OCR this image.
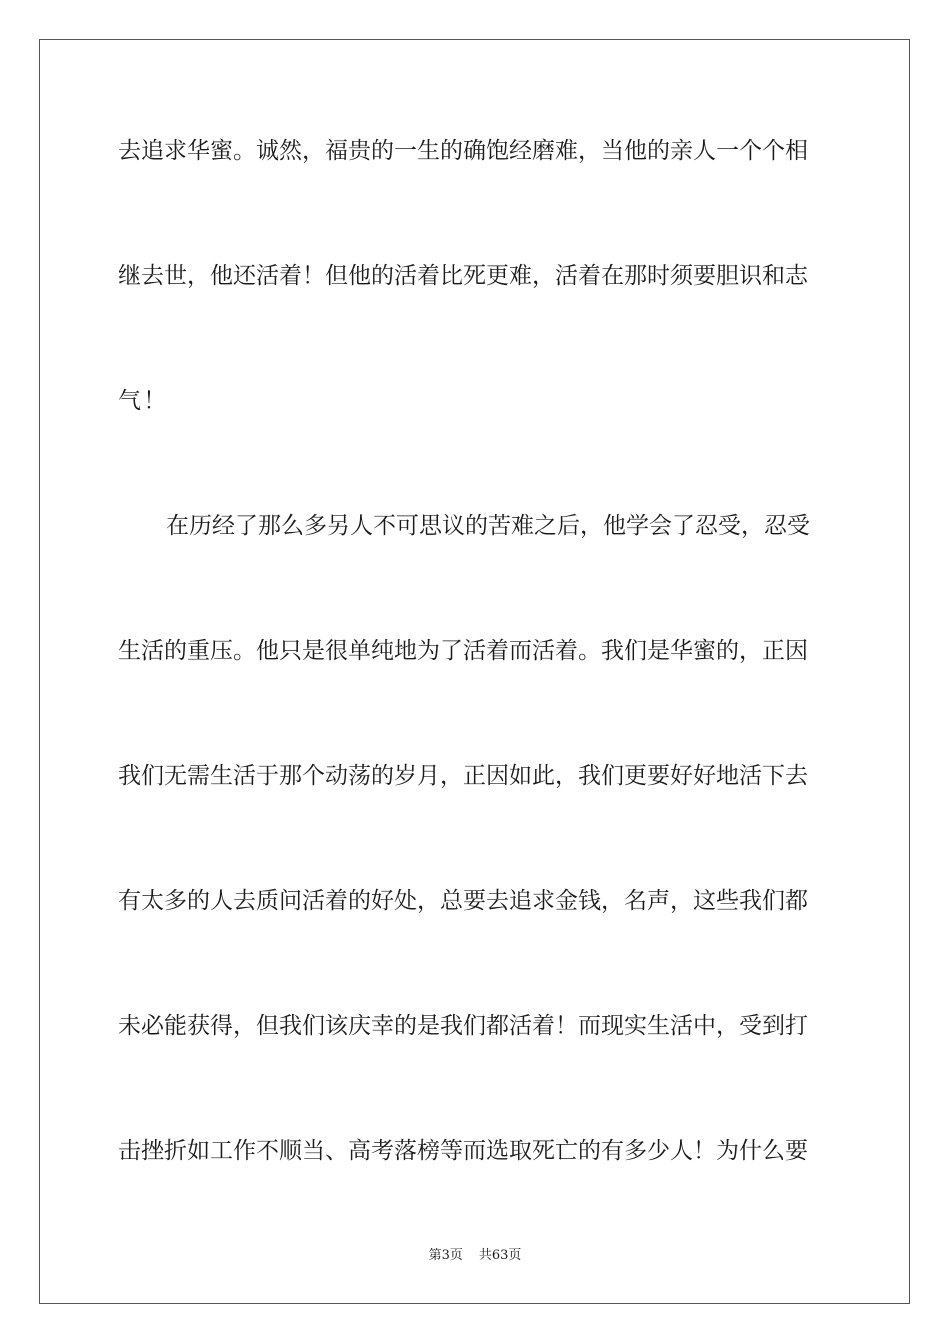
去追求华蜜。诚然，福贵的一生的确饱经磨难，当他的亲人一个个相
继去世，他还活着！但他的活着比死更难，活着在那时须要胆识和志
气！
在历经了那么多另人不可思议的苦难之后，他学会了忍受，忍受
生活的重压。他只是很单纯地为了活着而活着。我们是华蜜的，正因
我们无需生活于那个动荡的岁月，正因如此，我们更要好好地活下去
有太多的人去质问活着的好处，总要去追求金钱，名声，这些我们都
未必能获得，但我们该庆幸的是我们都活着！而现实生活中，受到打
击挫折如工作不顺当、高考落榜等而选取死亡的有多少人！为什么要
第3页 共63页
